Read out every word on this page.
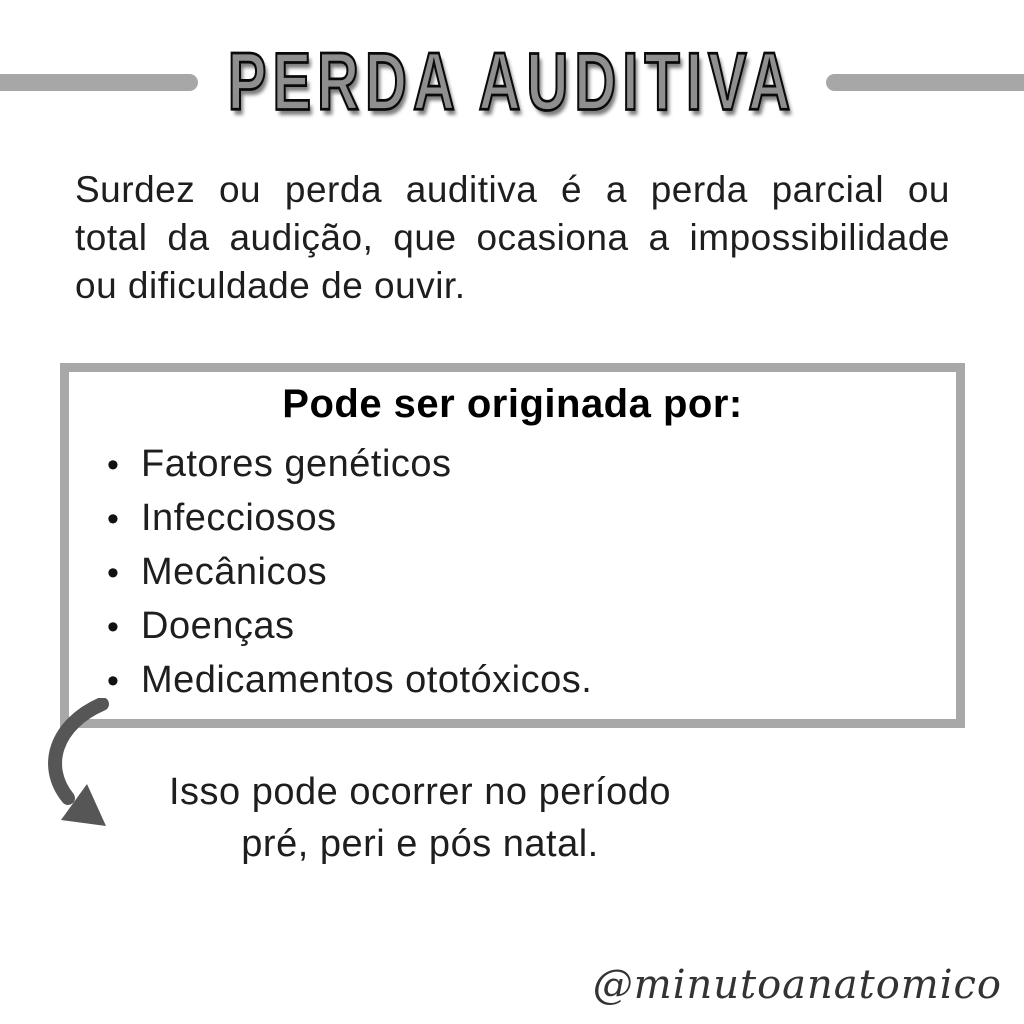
PERDA AUDITIVA
Surdez ou perda auditiva é a perda parcial ou
total da audição, que ocasiona a impossibilidade
ou dificuldade de ouvir.
Pode ser originada por:
• Fatores genéticos
• Infecciosos
• Mecânicos
• Doenças
• Medicamentos ototóxicos.
Isso pode ocorrer no período
pré, peri e pós natal.
@minutoanatomico
